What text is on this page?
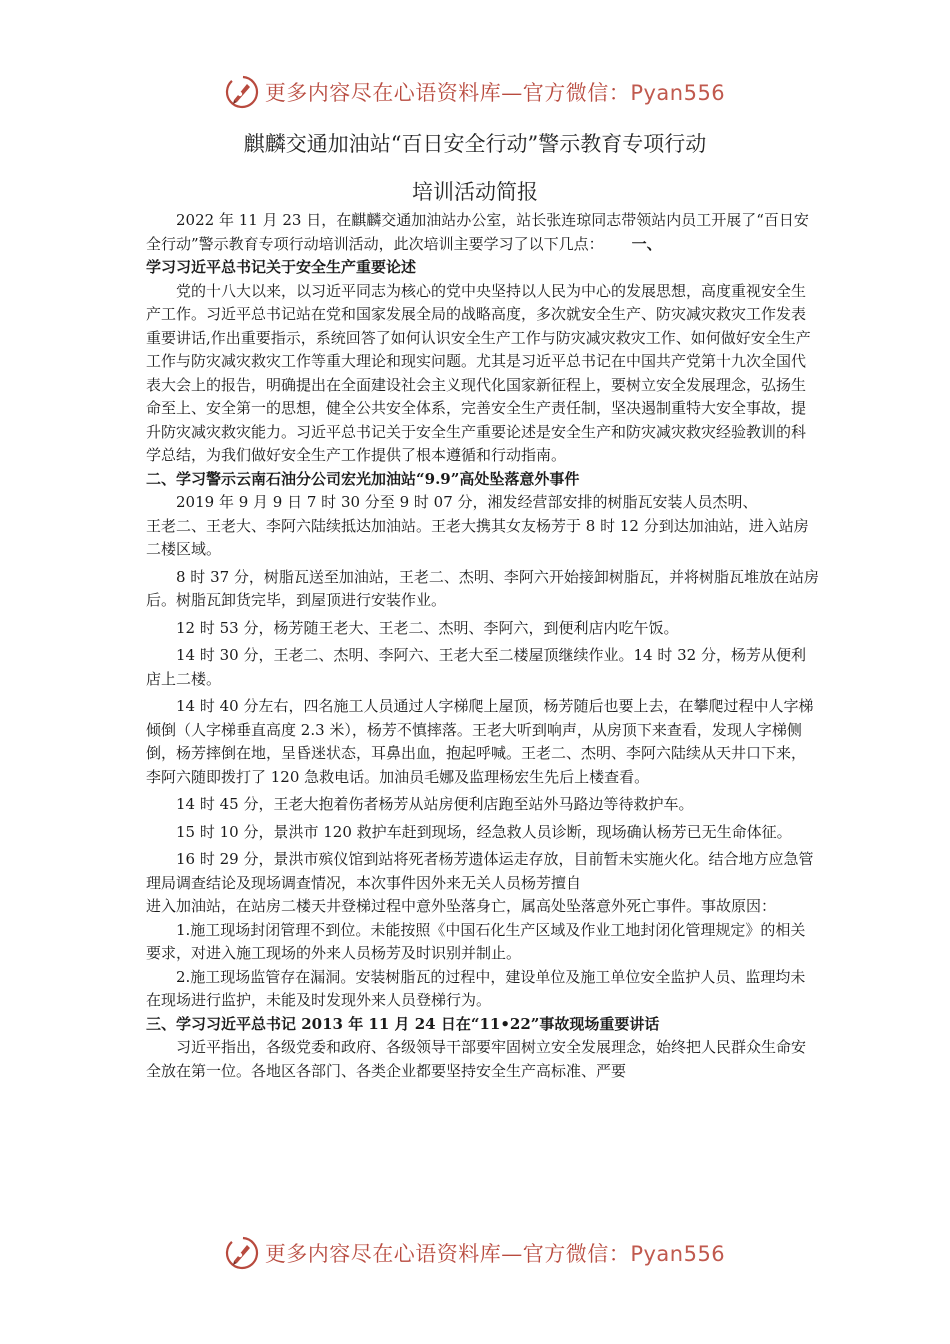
更多内容尽在心语资料库—官方微信：Pyan556
麒麟交通加油站“百日安全行动”警示教育专项行动
培训活动简报

2022 年 11 月 23 日，在麒麟交通加油站办公室，站长张连琼同志带领站内员工开展了“百日安全行动”警示教育专项行动培训活动，此次培训主要学习了以下几点： 一、

学习习近平总书记关于安全生产重要论述

党的十八大以来，以习近平同志为核心的党中央坚持以人民为中心的发展思想，高度重视安全生产工作。习近平总书记站在党和国家发展全局的战略高度，多次就安全生产、防灾减灾救灾工作发表重要讲话,作出重要指示，系统回答了如何认识安全生产工作与防灾减灾救灾工作、如何做好安全生产工作与防灾减灾救灾工作等重大理论和现实问题。尤其是习近平总书记在中国共产党第十九次全国代表大会上的报告，明确提出在全面建设社会主义现代化国家新征程上，要树立安全发展理念，弘扬生命至上、安全第一的思想，健全公共安全体系，完善安全生产责任制，坚决遏制重特大安全事故，提升防灾减灾救灾能力。习近平总书记关于安全生产重要论述是安全生产和防灾减灾救灾经验教训的科学总结，为我们做好安全生产工作提供了根本遵循和行动指南。

二、学习警示云南石油分公司宏光加油站“9.9”高处坠落意外事件

2019 年 9 月 9 日 7 时 30 分至 9 时 07 分，湘发经营部安排的树脂瓦安装人员杰明、

王老二、王老大、李阿六陆续抵达加油站。王老大携其女友杨芳于 8 时 12 分到达加油站，进入站房二楼区域。

8 时 37 分，树脂瓦送至加油站，王老二、杰明、李阿六开始接卸树脂瓦，并将树脂瓦堆放在站房后。树脂瓦卸货完毕，到屋顶进行安装作业。

12 时 53 分，杨芳随王老大、王老二、杰明、李阿六，到便利店内吃午饭。

14 时 30 分，王老二、杰明、李阿六、王老大至二楼屋顶继续作业。14 时 32 分，杨芳从便利店上二楼。

14 时 40 分左右，四名施工人员通过人字梯爬上屋顶，杨芳随后也要上去，在攀爬过程中人字梯倾倒（人字梯垂直高度 2.3 米），杨芳不慎摔落。王老大听到响声，从房顶下来查看，发现人字梯侧倒，杨芳摔倒在地，呈昏迷状态，耳鼻出血，抱起呼喊。王老二、杰明、李阿六陆续从天井口下来，李阿六随即拨打了 120 急救电话。加油员毛娜及监理杨宏生先后上楼查看。

14 时 45 分，王老大抱着伤者杨芳从站房便利店跑至站外马路边等待救护车。

15 时 10 分，景洪市 120 救护车赶到现场，经急救人员诊断，现场确认杨芳已无生命体征。

16 时 29 分，景洪市殡仪馆到站将死者杨芳遗体运走存放，目前暂未实施火化。结合地方应急管理局调查结论及现场调查情况，本次事件因外来无关人员杨芳擅自

进入加油站，在站房二楼天井登梯过程中意外坠落身亡，属高处坠落意外死亡事件。事故原因：

1.施工现场封闭管理不到位。未能按照《中国石化生产区域及作业工地封闭化管理规定》的相关要求，对进入施工现场的外来人员杨芳及时识别并制止。

2.施工现场监管存在漏洞。安装树脂瓦的过程中，建设单位及施工单位安全监护人员、监理均未在现场进行监护，未能及时发现外来人员登梯行为。

三、学习习近平总书记 2013 年 11 月 24 日在“11•22”事故现场重要讲话

习近平指出，各级党委和政府、各级领导干部要牢固树立安全发展理念，始终把人民群众生命安全放在第一位。各地区各部门、各类企业都要坚持安全生产高标准、严要

更多内容尽在心语资料库—官方微信：Pyan556
